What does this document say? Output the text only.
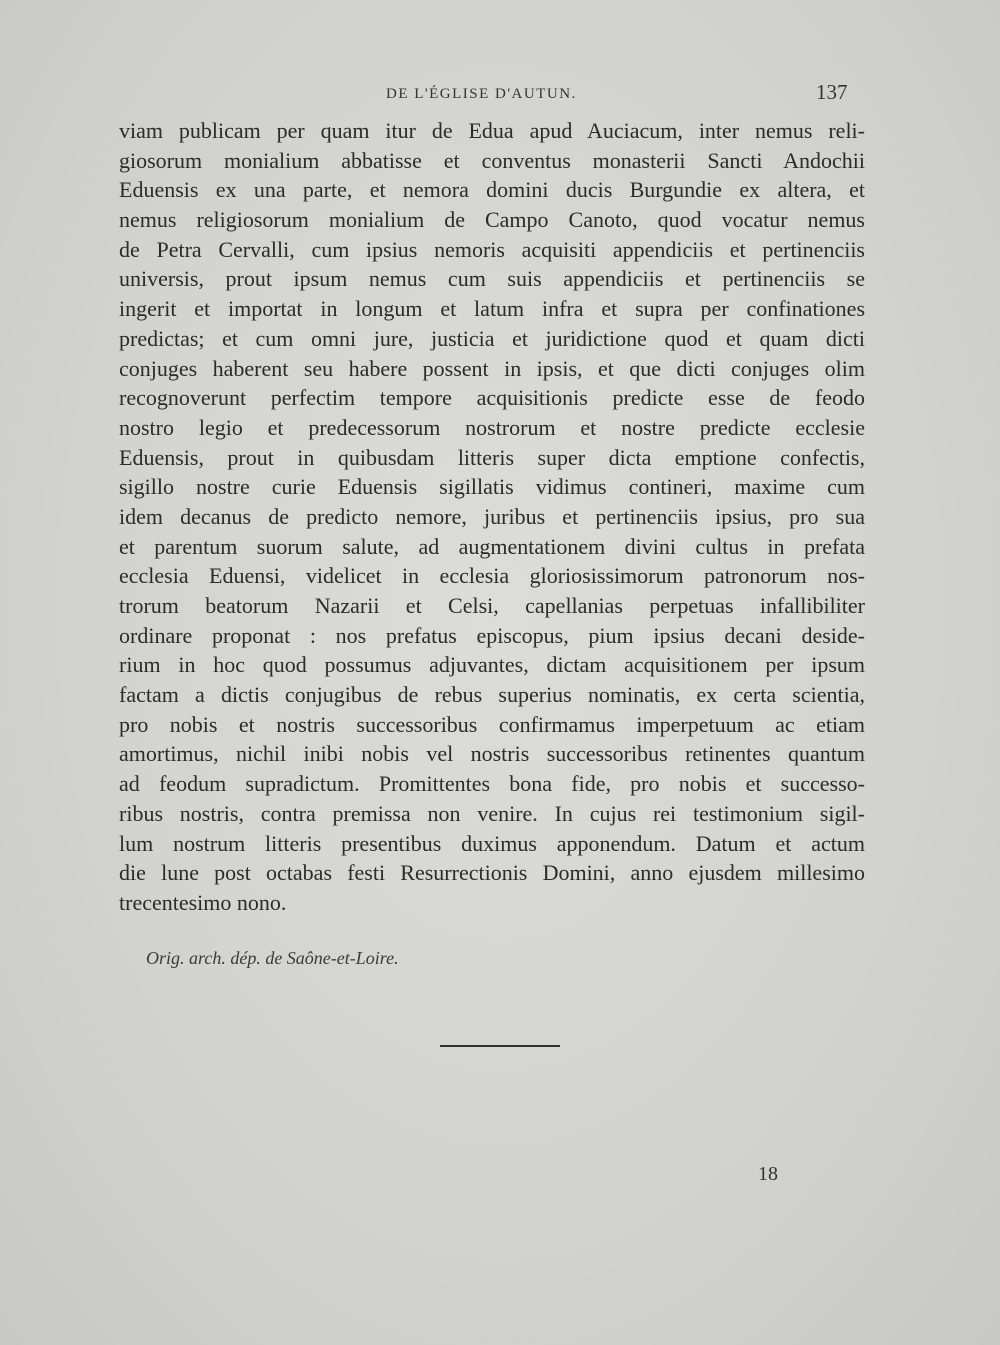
DE L'ÉGLISE D'AUTUN.	137
viam publicam per quam itur de Edua apud Auciacum, inter nemus reli-
giosorum monialium abbatisse et conventus monasterii Sancti Andochii
Eduensis ex una parte, et nemora domini ducis Burgundie ex altera, et
nemus religiosorum monialium de Campo Canoto, quod vocatur nemus
de Petra Cervalli, cum ipsius nemoris acquisiti appendiciis et pertinenciis
universis, prout ipsum nemus cum suis appendiciis et pertinenciis se
ingerit et importat in longum et latum infra et supra per confinationes
predictas; et cum omni jure, justicia et juridictione quod et quam dicti
conjuges haberent seu habere possent in ipsis, et que dicti conjuges olim
recognoverunt perfectim tempore acquisitionis predicte esse de feodo
nostro legio et predecessorum nostrorum et nostre predicte ecclesie
Eduensis, prout in quibusdam litteris super dicta emptione confectis,
sigillo nostre curie Eduensis sigillatis vidimus contineri, maxime cum
idem decanus de predicto nemore, juribus et pertinenciis ipsius, pro sua
et parentum suorum salute, ad augmentationem divini cultus in prefata
ecclesia Eduensi, videlicet in ecclesia gloriosissimorum patronorum nos-
trorum beatorum Nazarii et Celsi, capellanias perpetuas infallibiliter
ordinare proponat : nos prefatus episcopus, pium ipsius decani deside-
rium in hoc quod possumus adjuvantes, dictam acquisitionem per ipsum
factam a dictis conjugibus de rebus superius nominatis, ex certa scientia,
pro nobis et nostris successoribus confirmamus imperpetuum ac etiam
amortimus, nichil inibi nobis vel nostris successoribus retinentes quantum
ad feodum supradictum. Promittentes bona fide, pro nobis et successo-
ribus nostris, contra premissa non venire. In cujus rei testimonium sigil-
lum nostrum litteris presentibus duximus apponendum. Datum et actum
die lune post octabas festi Resurrectionis Domini, anno ejusdem millesimo
trecentesimo nono.
Orig. arch. dép. de Saône-et-Loire.
18
